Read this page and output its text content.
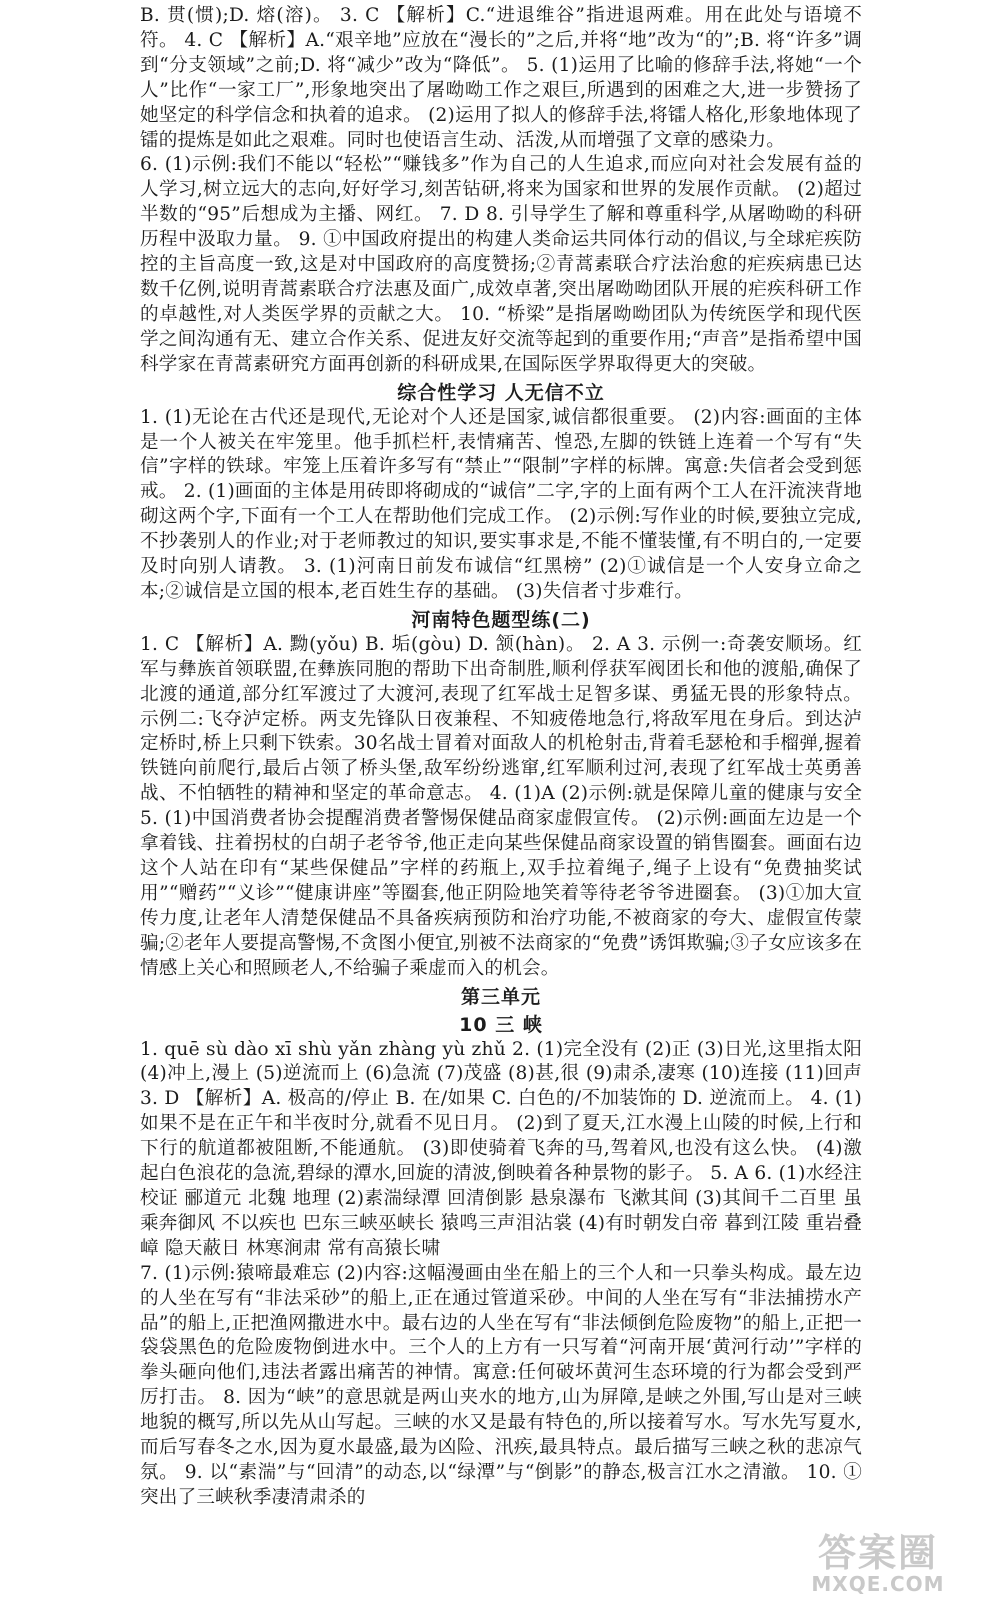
B. 贯(惯);D. 熔(溶)。 3. C 【解析】C.“进退维谷”指进退两难。用在此处与语境不符。 4. C 【解析】A.“艰辛地”应放在“漫长的”之后,并将“地”改为“的”;B. 将“许多”调到“分支领域”之前;D. 将“减少”改为“降低”。 5. (1)运用了比喻的修辞手法,将她“一个人”比作“一家工厂”,形象地突出了屠呦呦工作之艰巨,所遇到的困难之大,进一步赞扬了她坚定的科学信念和执着的追求。 (2)运用了拟人的修辞手法,将镭人格化,形象地体现了镭的提炼是如此之艰难。同时也使语言生动、活泼,从而增强了文章的感染力。

6. (1)示例:我们不能以“轻松”“赚钱多”作为自己的人生追求,而应向对社会发展有益的人学习,树立远大的志向,好好学习,刻苦钻研,将来为国家和世界的发展作贡献。 (2)超过半数的“95”后想成为主播、网红。 7. D 8. 引导学生了解和尊重科学,从屠呦呦的科研历程中汲取力量。 9. ①中国政府提出的构建人类命运共同体行动的倡议,与全球疟疾防控的主旨高度一致,这是对中国政府的高度赞扬;②青蒿素联合疗法治愈的疟疾病患已达数千亿例,说明青蒿素联合疗法惠及面广,成效卓著,突出屠呦呦团队开展的疟疾科研工作的卓越性,对人类医学界的贡献之大。 10. “桥梁”是指屠呦呦团队为传统医学和现代医学之间沟通有无、建立合作关系、促进友好交流等起到的重要作用;“声音”是指希望中国科学家在青蒿素研究方面再创新的科研成果,在国际医学界取得更大的突破。

综合性学习 人无信不立

1. (1)无论在古代还是现代,无论对个人还是国家,诚信都很重要。 (2)内容:画面的主体是一个人被关在牢笼里。他手抓栏杆,表情痛苦、惶恐,左脚的铁链上连着一个写有“失信”字样的铁球。牢笼上压着许多写有“禁止”“限制”字样的标牌。寓意:失信者会受到惩戒。 2. (1)画面的主体是用砖即将砌成的“诚信”二字,字的上面有两个工人在汗流浃背地砌这两个字,下面有一个工人在帮助他们完成工作。 (2)示例:写作业的时候,要独立完成,不抄袭别人的作业;对于老师教过的知识,要实事求是,不能不懂装懂,有不明白的,一定要及时向别人请教。 3. (1)河南日前发布诚信“红黑榜” (2)①诚信是一个人安身立命之本;②诚信是立国的根本,老百姓生存的基础。 (3)失信者寸步难行。

河南特色题型练(二)

1. C 【解析】A. 黝(yǒu) B. 垢(gòu) D. 颔(hàn)。 2. A 3. 示例一:奇袭安顺场。红军与彝族首领联盟,在彝族同胞的帮助下出奇制胜,顺利俘获军阀团长和他的渡船,确保了北渡的通道,部分红军渡过了大渡河,表现了红军战士足智多谋、勇猛无畏的形象特点。 示例二:飞夺泸定桥。两支先锋队日夜兼程、不知疲倦地急行,将敌军甩在身后。到达泸定桥时,桥上只剩下铁索。30名战士冒着对面敌人的机枪射击,背着毛瑟枪和手榴弹,握着铁链向前爬行,最后占领了桥头堡,敌军纷纷逃窜,红军顺利过河,表现了红军战士英勇善战、不怕牺牲的精神和坚定的革命意志。 4. (1)A (2)示例:就是保障儿童的健康与安全 5. (1)中国消费者协会提醒消费者警惕保健品商家虚假宣传。 (2)示例:画面左边是一个拿着钱、拄着拐杖的白胡子老爷爷,他正走向某些保健品商家设置的销售圈套。画面右边这个人站在印有“某些保健品”字样的药瓶上,双手拉着绳子,绳子上设有“免费抽奖试用”“赠药”“义诊”“健康讲座”等圈套,他正阴险地笑着等待老爷爷进圈套。 (3)①加大宣传力度,让老年人清楚保健品不具备疾病预防和治疗功能,不被商家的夸大、虚假宣传蒙骗;②老年人要提高警惕,不贪图小便宜,别被不法商家的“免费”诱饵欺骗;③子女应该多在情感上关心和照顾老人,不给骗子乘虚而入的机会。

第三单元
10 三 峡

1. quē sù dào xī shù yǎn zhàng yù zhǔ 2. (1)完全没有 (2)正 (3)日光,这里指太阳 (4)冲上,漫上 (5)逆流而上 (6)急流 (7)茂盛 (8)甚,很 (9)肃杀,凄寒 (10)连接 (11)回声 3. D 【解析】A. 极高的/停止 B. 在/如果 C. 白色的/不加装饰的 D. 逆流而上。 4. (1)如果不是在正午和半夜时分,就看不见日月。 (2)到了夏天,江水漫上山陵的时候,上行和下行的航道都被阻断,不能通航。 (3)即使骑着飞奔的马,驾着风,也没有这么快。 (4)激起白色浪花的急流,碧绿的潭水,回旋的清波,倒映着各种景物的影子。 5. A 6. (1)水经注校证 郦道元 北魏 地理 (2)素湍绿潭 回清倒影 悬泉瀑布 飞漱其间 (3)其间千二百里 虽乘奔御风 不以疾也 巴东三峡巫峡长 猿鸣三声泪沾裳 (4)有时朝发白帝 暮到江陵 重岩叠嶂 隐天蔽日 林寒涧肃 常有高猿长啸

7. (1)示例:猿啼最难忘 (2)内容:这幅漫画由坐在船上的三个人和一只拳头构成。最左边的人坐在写有“非法采砂”的船上,正在通过管道采砂。中间的人坐在写有“非法捕捞水产品”的船上,正把渔网撒进水中。最右边的人坐在写有“非法倾倒危险废物”的船上,正把一袋袋黑色的危险废物倒进水中。三个人的上方有一只写着“河南开展‘黄河行动’”字样的拳头砸向他们,违法者露出痛苦的神情。寓意:任何破坏黄河生态环境的行为都会受到严厉打击。 8. 因为“峡”的意思就是两山夹水的地方,山为屏障,是峡之外围,写山是对三峡地貌的概写,所以先从山写起。三峡的水又是最有特色的,所以接着写水。写水先写夏水,而后写春冬之水,因为夏水最盛,最为凶险、汛疾,最具特点。最后描写三峡之秋的悲凉气氛。 9. 以“素湍”与“回清”的动态,以“绿潭”与“倒影”的静态,极言江水之清澈。 10. ①突出了三峡秋季凄清肃杀的

答案圈
MXQE.COM
